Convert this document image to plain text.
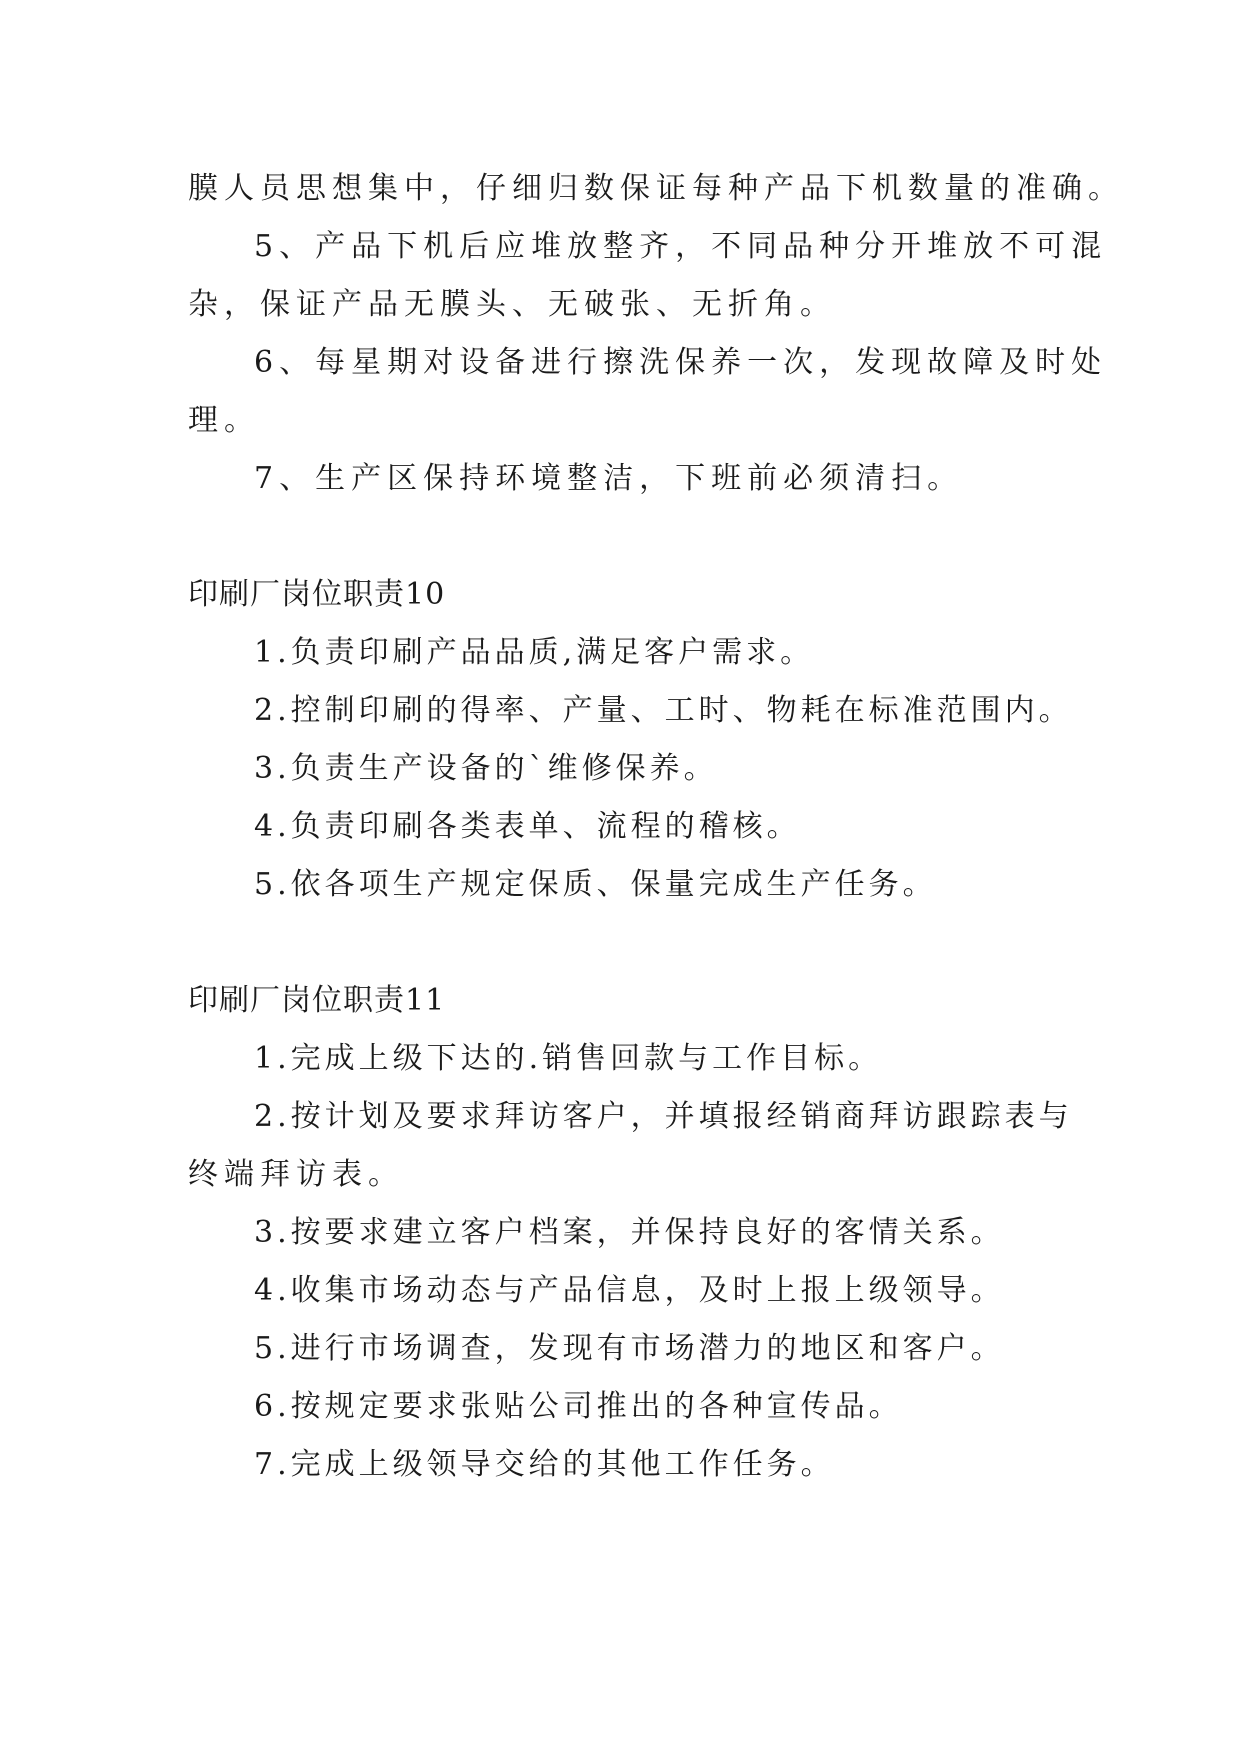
膜人员思想集中，仔细归数保证每种产品下机数量的准确。
5、产品下机后应堆放整齐，不同品种分开堆放不可混
杂，保证产品无膜头、无破张、无折角。
6、每星期对设备进行擦洗保养一次，发现故障及时处
理。
7、生产区保持环境整洁，下班前必须清扫。
印刷厂岗位职责10
1.负责印刷产品品质,满足客户需求。
2.控制印刷的得率、产量、工时、物耗在标准范围内。
3.负责生产设备的`维修保养。
4.负责印刷各类表单、流程的稽核。
5.依各项生产规定保质、保量完成生产任务。
印刷厂岗位职责11
1.完成上级下达的.销售回款与工作目标。
2.按计划及要求拜访客户，并填报经销商拜访跟踪表与
终端拜访表。
3.按要求建立客户档案，并保持良好的客情关系。
4.收集市场动态与产品信息，及时上报上级领导。
5.进行市场调查，发现有市场潜力的地区和客户。
6.按规定要求张贴公司推出的各种宣传品。
7.完成上级领导交给的其他工作任务。
